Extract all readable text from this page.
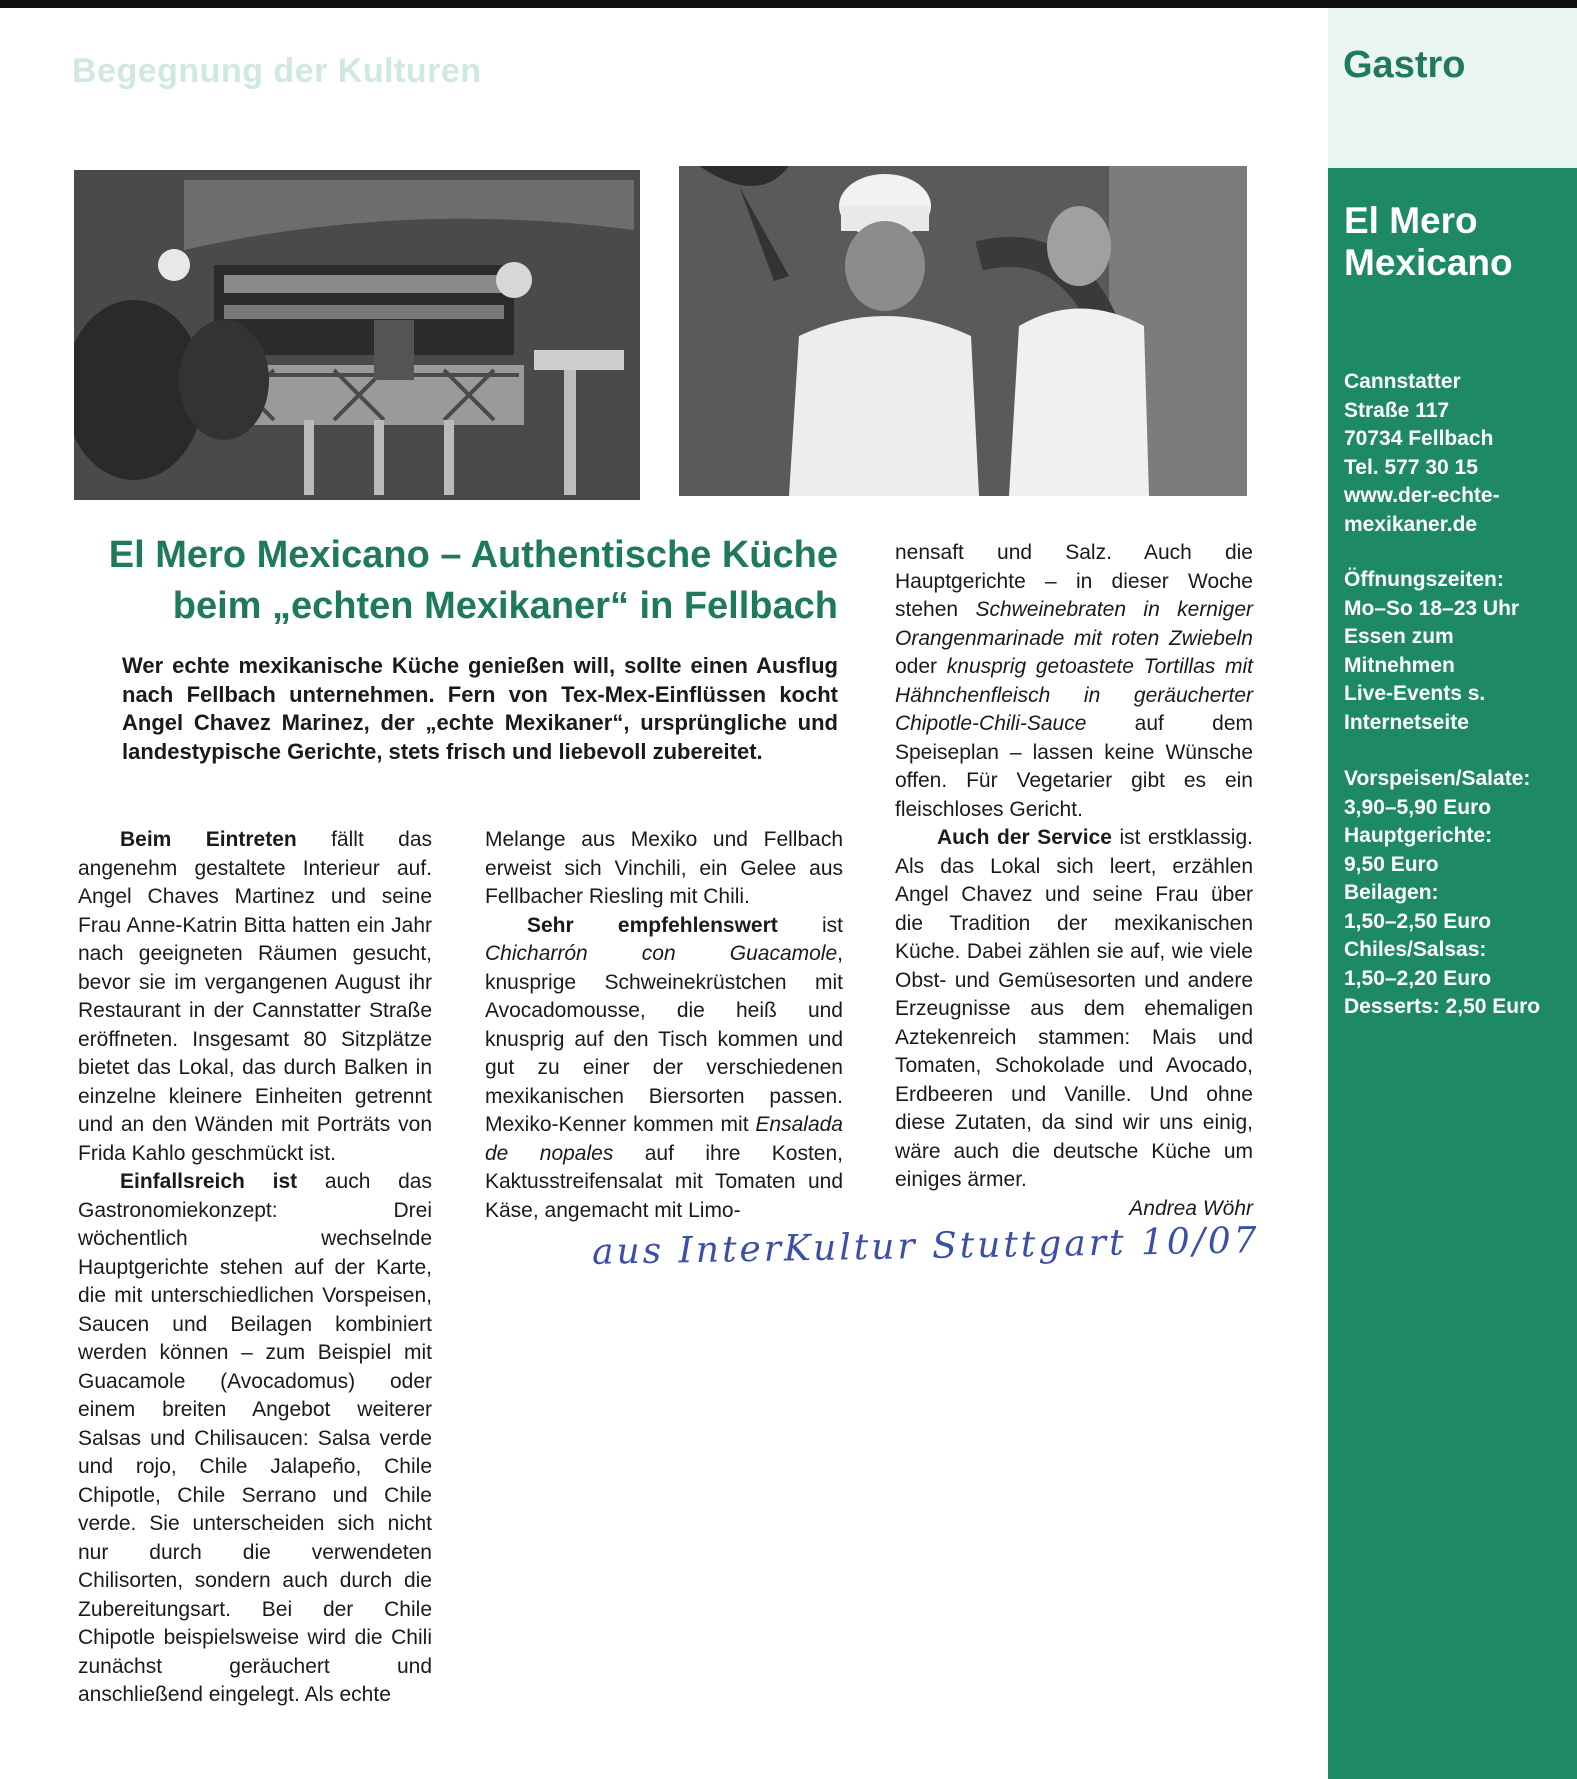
Begegnung der Kulturen	Gastro
El Mero Mexicano

Cannstatter
Straße 117
70734 Fellbach
Tel. 577 30 15
www.der-echte-
mexikaner.de

Öffnungszeiten:
Mo–So 18–23 Uhr
Essen zum
Mitnehmen
Live-Events s.
Internetseite

Vorspeisen/Salate:
3,90–5,90 Euro
Hauptgerichte:
9,50 Euro
Beilagen:
1,50–2,50 Euro
Chiles/Salsas:
1,50–2,20 Euro
Desserts: 2,50 Euro

El Mero Mexicano – Authentische Küche beim „echten Mexikaner“ in Fellbach

Wer echte mexikanische Küche genießen will, sollte einen Ausflug nach Fellbach unternehmen. Fern von Tex-Mex-Einflüssen kocht Angel Chavez Marinez, der „echte Mexikaner“, ursprüngliche und landestypische Gerichte, stets frisch und liebevoll zubereitet.

Beim Eintreten fällt das angenehm gestaltete Interieur auf. Angel Chaves Martinez und seine Frau Anne-Katrin Bitta hatten ein Jahr nach geeigneten Räumen gesucht, bevor sie im vergangenen August ihr Restaurant in der Cannstatter Straße eröffneten. Insgesamt 80 Sitzplätze bietet das Lokal, das durch Balken in einzelne kleinere Einheiten getrennt und an den Wänden mit Porträts von Frida Kahlo geschmückt ist.

Einfallsreich ist auch das Gastronomiekonzept: Drei wöchentlich wechselnde Hauptgerichte stehen auf der Karte, die mit unterschiedlichen Vorspeisen, Saucen und Beilagen kombiniert werden können – zum Beispiel mit Guacamole (Avocadomus) oder einem breiten Angebot weiterer Salsas und Chilisaucen: Salsa verde und rojo, Chile Jalapeño, Chile Chipotle, Chile Serrano und Chile verde. Sie unterscheiden sich nicht nur durch die verwendeten Chilisorten, sondern auch durch die Zubereitungsart. Bei der Chile Chipotle beispielsweise wird die Chili zunächst geräuchert und anschließend eingelegt. Als echte

Melange aus Mexiko und Fellbach erweist sich Vinchili, ein Gelee aus Fellbacher Riesling mit Chili.

Sehr empfehlenswert ist Chicharrón con Guacamole, knusprige Schweinekrüstchen mit Avocadomousse, die heiß und knusprig auf den Tisch kommen und gut zu einer der verschiedenen mexikanischen Biersorten passen. Mexiko-Kenner kommen mit Ensalada de nopales auf ihre Kosten, Kaktusstreifensalat mit Tomaten und Käse, angemacht mit Limo-

nensaft und Salz. Auch die Hauptgerichte – in dieser Woche stehen Schweinebraten in kerniger Orangenmarinade mit roten Zwiebeln oder knusprig getoastete Tortillas mit Hähnchenfleisch in geräucherter Chipotle-Chili-Sauce auf dem Speiseplan – lassen keine Wünsche offen. Für Vegetarier gibt es ein fleischloses Gericht.

Auch der Service ist erstklassig. Als das Lokal sich leert, erzählen Angel Chavez und seine Frau über die Tradition der mexikanischen Küche. Dabei zählen sie auf, wie viele Obst- und Gemüsesorten und andere Erzeugnisse aus dem ehemaligen Aztekenreich stammen: Mais und Tomaten, Schokolade und Avocado, Erdbeeren und Vanille. Und ohne diese Zutaten, da sind wir uns einig, wäre auch die deutsche Küche um einiges ärmer.
Andrea Wöhr

aus InterKultur Stuttgart 10/07
